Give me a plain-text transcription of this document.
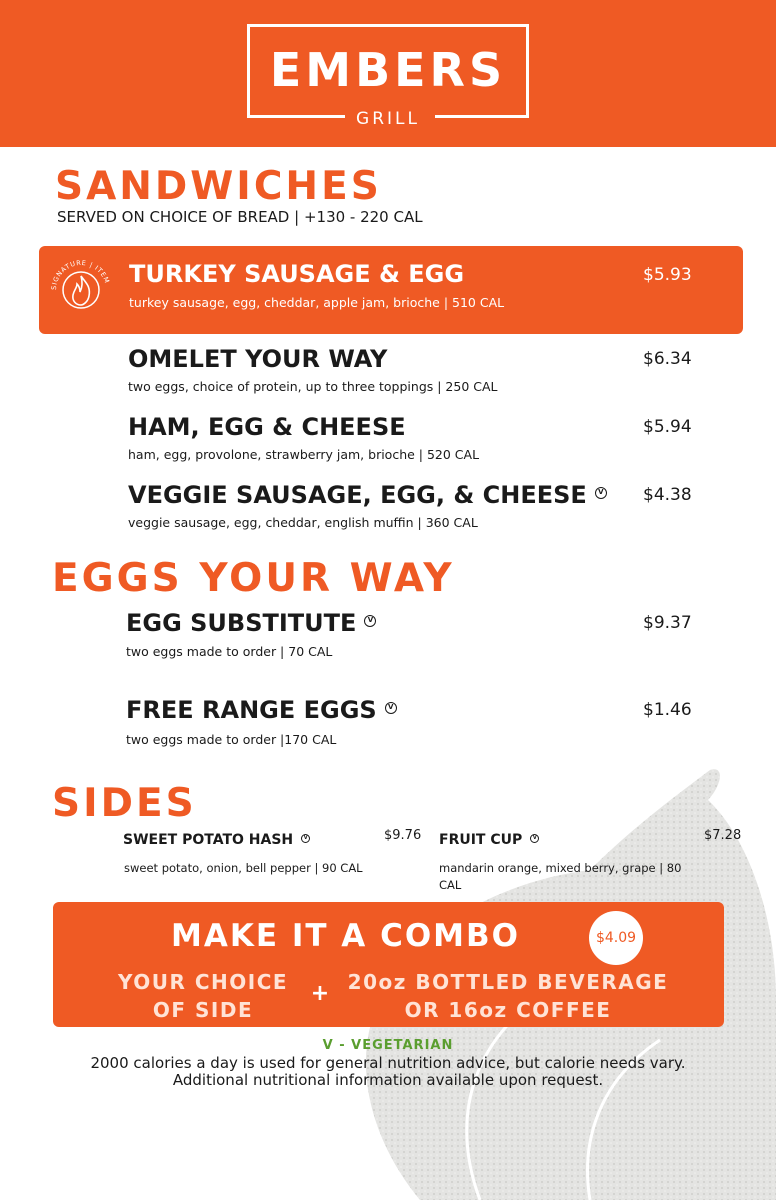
EMBERS
GRILL
SANDWICHES
SERVED ON CHOICE OF BREAD | +130 - 220 CAL
SIGNATURE | ITEM TURKEY SAUSAGE & EGG
turkey sausage, egg, cheddar, apple jam, brioche | 510 CAL
$5.93
OMELET YOUR WAY
two eggs, choice of protein, up to three toppings | 250 CAL
$6.34
HAM, EGG & CHEESE
ham, egg, provolone, strawberry jam, brioche | 520 CAL
$5.94
VEGGIE SAUSAGE, EGG, & CHEESE V
veggie sausage, egg, cheddar, english muffin | 360 CAL
$4.38
EGGS YOUR WAY
EGG SUBSTITUTE V
two eggs made to order | 70 CAL
$9.37
FREE RANGE EGGS V
two eggs made to order |170 CAL
$1.46
SIDES
SWEET POTATO HASH V
sweet potato, onion, bell pepper | 90 CAL
$9.76 FRUIT CUP V
mandarin orange, mixed berry, grape | 80 CAL
$7.28
MAKE IT A COMBO	$4.09
YOUR CHOICE
OF SIDE
+ 20oz BOTTLED BEVERAGE
OR 16oz COFFEE
V - VEGETARIAN
2000 calories a day is used for general nutrition advice, but calorie needs vary.
Additional nutritional information available upon request.
